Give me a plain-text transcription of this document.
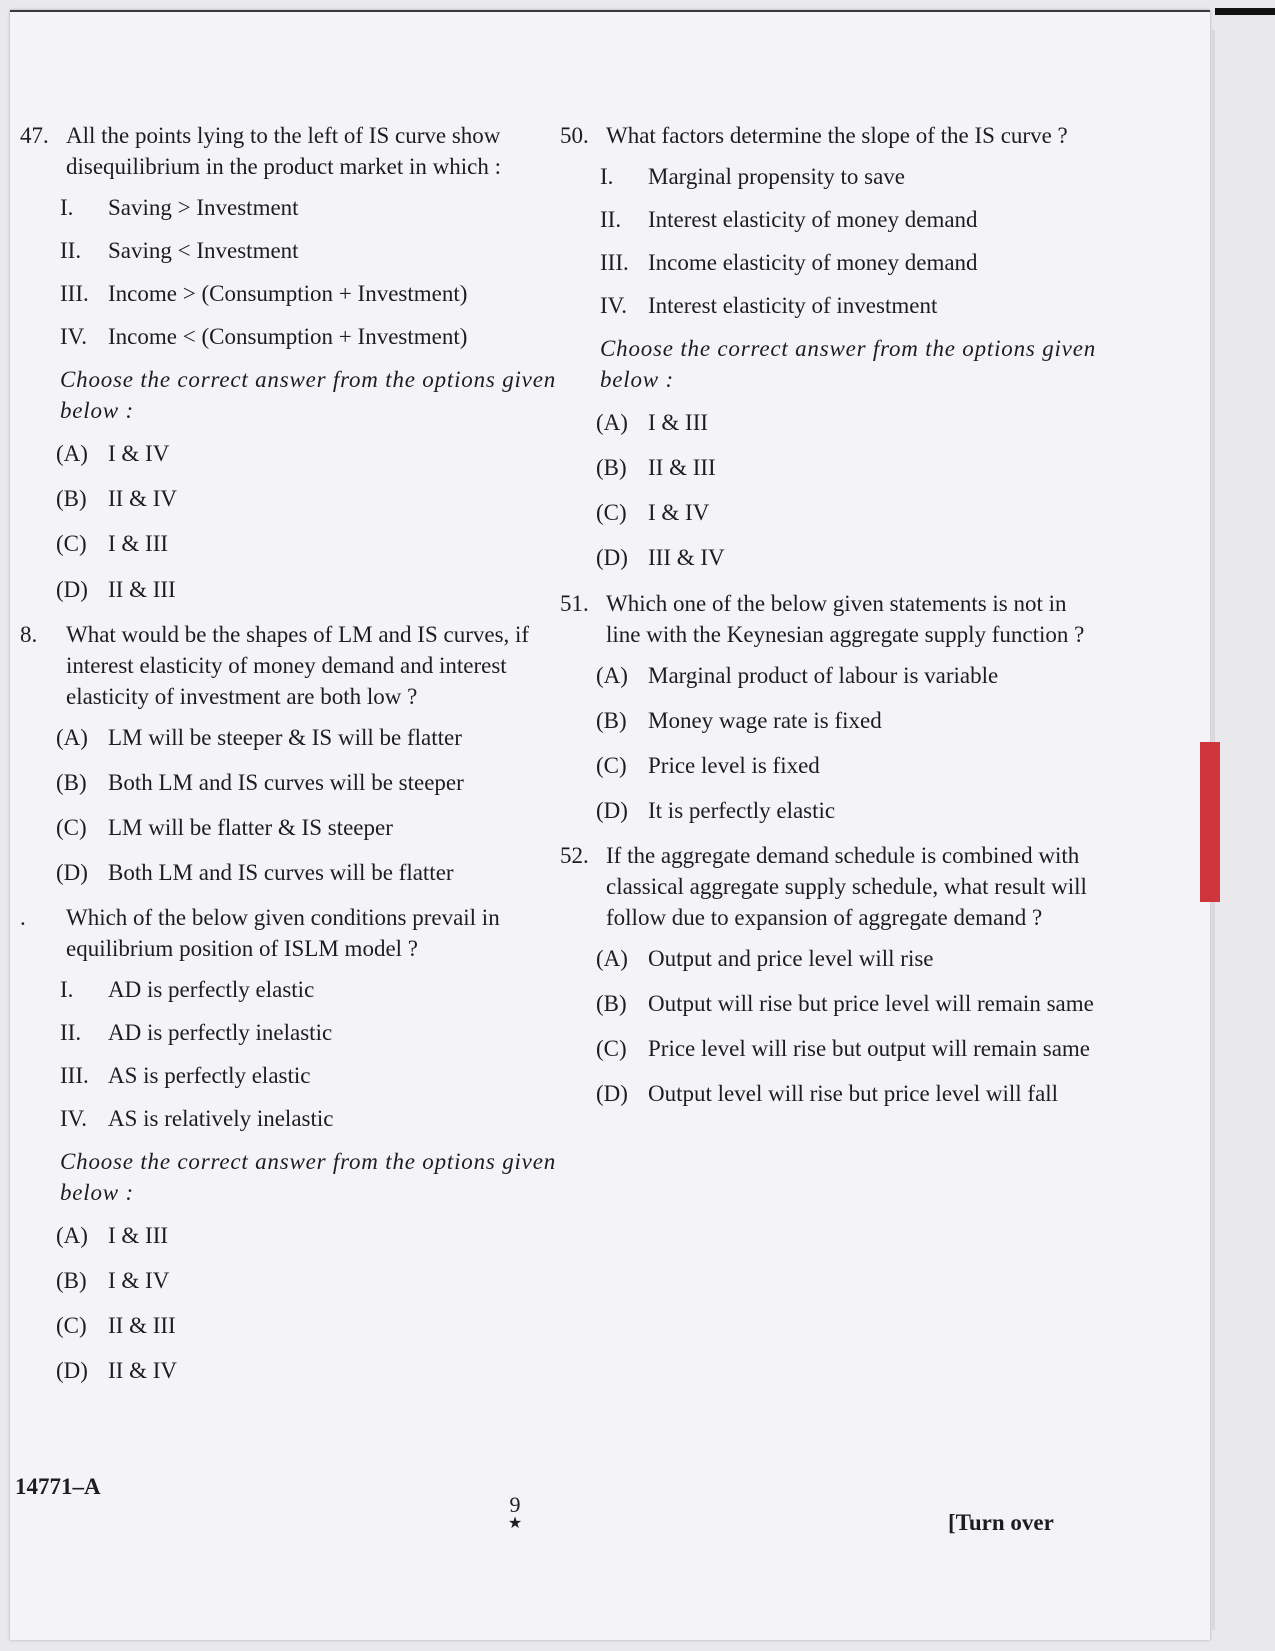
47. All the points lying to the left of IS curve show disequilibrium in the product market in which :
I.	Saving > Investment
II.	Saving < Investment
III. Income > (Consumption + Investment)
IV. Income < (Consumption + Investment)
Choose the correct answer from the options given below :
(A) I & IV
(B) II & IV
(C) I & III
(D) II & III
8.	What would be the shapes of LM and IS curves, if interest elasticity of money demand and interest elasticity of investment are both low ?
(A) LM will be steeper & IS will be flatter
(B) Both LM and IS curves will be steeper
(C) LM will be flatter & IS steeper
(D) Both LM and IS curves will be flatter
.	Which of the below given conditions prevail in equilibrium position of ISLM model ?
I.	AD is perfectly elastic
II.	AD is perfectly inelastic
III. AS is perfectly elastic
IV. AS is relatively inelastic
Choose the correct answer from the options given below :
(A) I & III
(B) I & IV
(C) II & III
(D) II & IV
50. What factors determine the slope of the IS curve ?
I.	Marginal propensity to save
II.	Interest elasticity of money demand
III. Income elasticity of money demand
IV. Interest elasticity of investment
Choose the correct answer from the options given below :
(A) I & III
(B) II & III
(C) I & IV
(D) III & IV
51. Which one of the below given statements is not in line with the Keynesian aggregate supply function ?
(A) Marginal product of labour is variable
(B) Money wage rate is fixed
(C) Price level is fixed
(D) It is perfectly elastic
52. If the aggregate demand schedule is combined with classical aggregate supply schedule, what result will follow due to expansion of aggregate demand ?
(A) Output and price level will rise
(B) Output will rise but price level will remain same
(C) Price level will rise but output will remain same
(D) Output level will rise but price level will fall
14771–A
9
★	[Turn over
